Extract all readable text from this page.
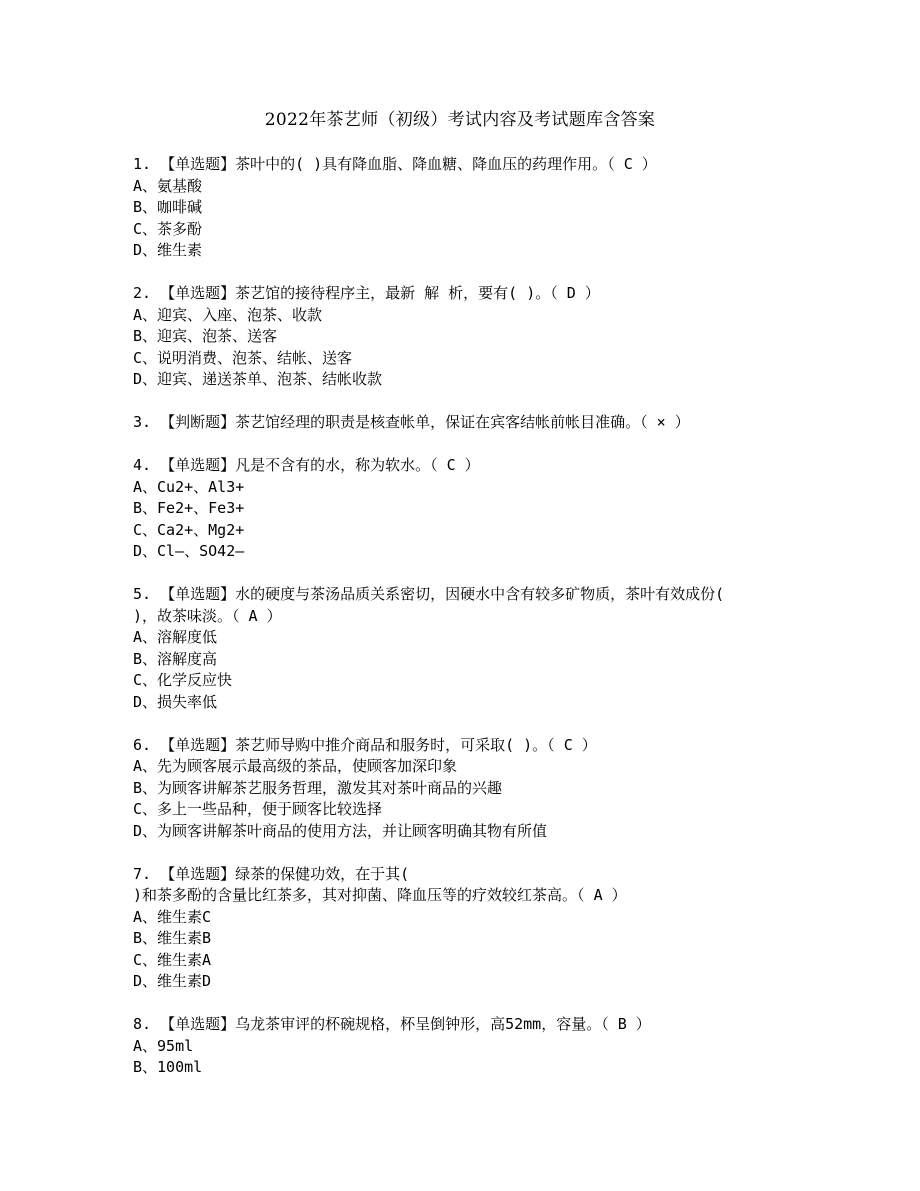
2022年茶艺师（初级）考试内容及考试题库含答案
1. 【单选题】茶叶中的( )具有降血脂、降血糖、降血压的药理作用。（ C ）
A、氨基酸
B、咖啡碱
C、茶多酚
D、维生素
2. 【单选题】茶艺馆的接待程序主，最新 解 析，要有( )。（ D ）
A、迎宾、入座、泡茶、收款
B、迎宾、泡茶、送客
C、说明消费、泡茶、结帐、送客
D、迎宾、递送茶单、泡茶、结帐收款
3. 【判断题】茶艺馆经理的职责是核查帐单，保证在宾客结帐前帐目准确。（ × ）
4. 【单选题】凡是不含有的水，称为软水。（ C ）
A、Cu2+、Al3+
B、Fe2+、Fe3+
C、Ca2+、Mg2+
D、Cl—、SO42—
5. 【单选题】水的硬度与茶汤品质关系密切，因硬水中含有较多矿物质，茶叶有效成份(
)，故茶味淡。（ A ）
A、溶解度低
B、溶解度高
C、化学反应快
D、损失率低
6. 【单选题】茶艺师导购中推介商品和服务时，可采取( )。（ C ）
A、先为顾客展示最高级的茶品，使顾客加深印象
B、为顾客讲解茶艺服务哲理，激发其对茶叶商品的兴趣
C、多上一些品种，便于顾客比较选择
D、为顾客讲解茶叶商品的使用方法，并让顾客明确其物有所值
7. 【单选题】绿茶的保健功效，在于其(
)和茶多酚的含量比红茶多，其对抑菌、降血压等的疗效较红茶高。（ A ）
A、维生素C
B、维生素B
C、维生素A
D、维生素D
8. 【单选题】乌龙茶审评的杯碗规格，杯呈倒钟形，高52mm，容量。（ B ）
A、95ml
B、100ml
